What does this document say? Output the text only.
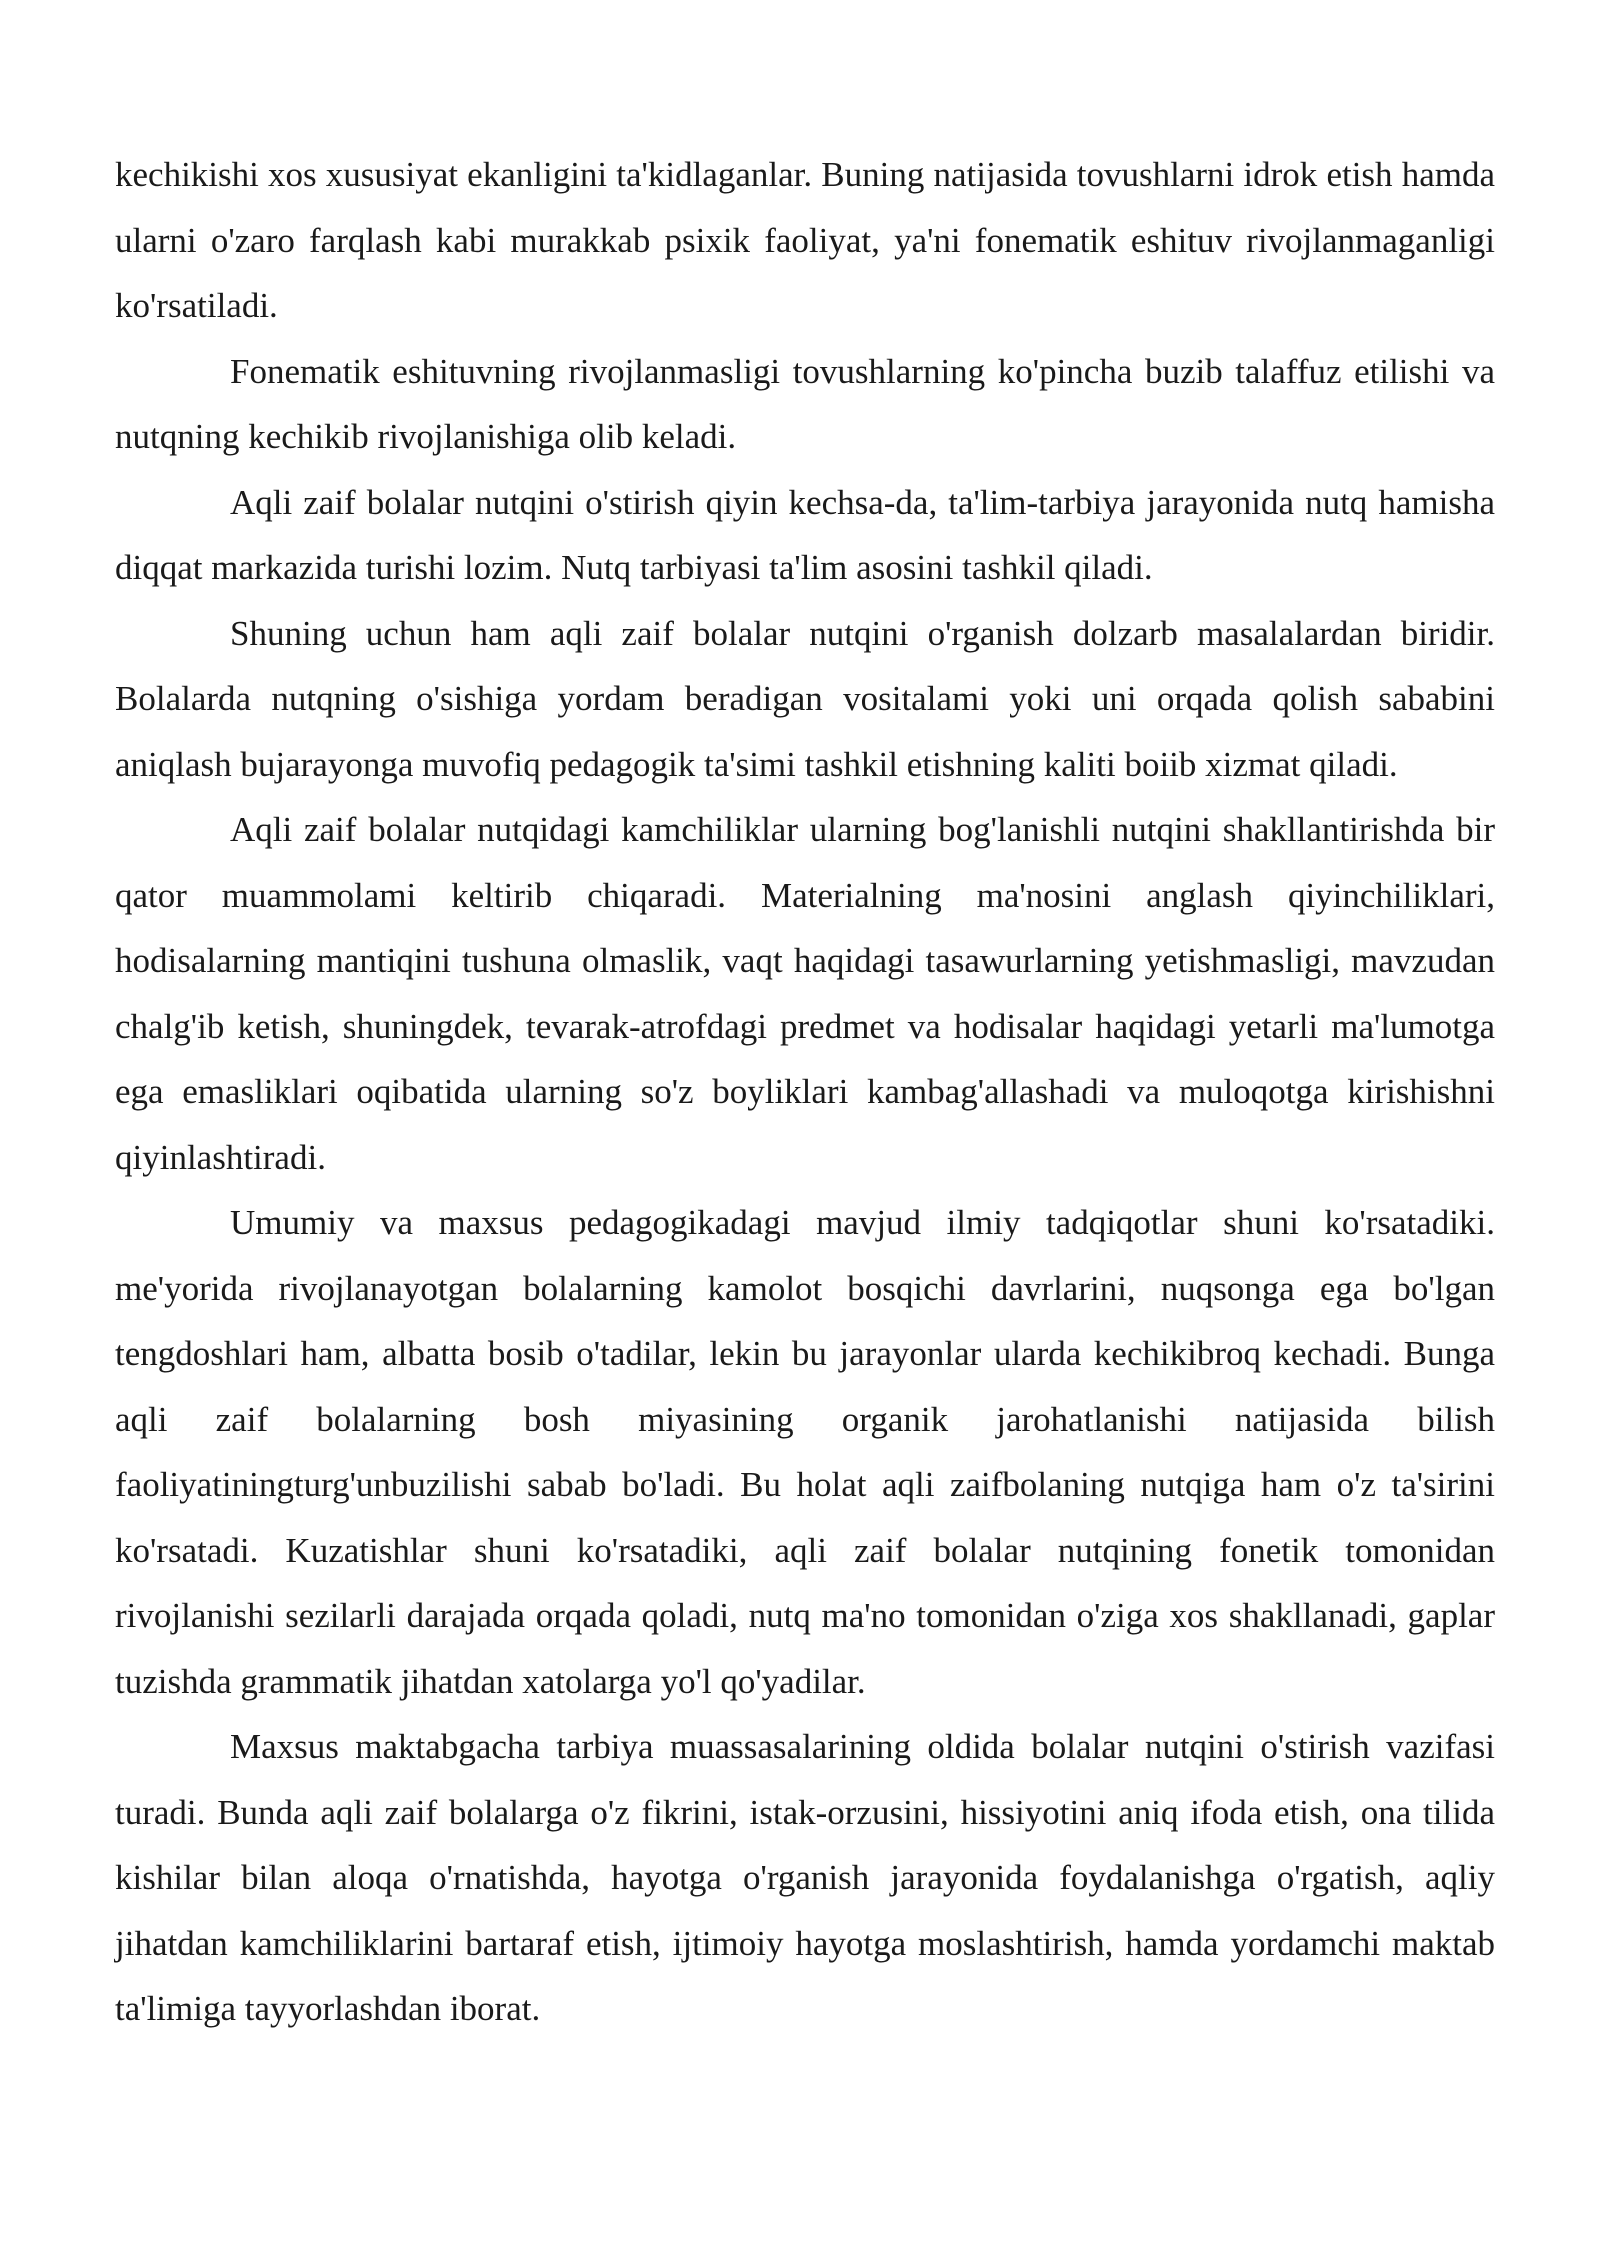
kechikishi xos xususiyat ekanligini ta'kidlaganlar. Buning natijasida tovushlarni idrok etish hamda ularni o'zaro farqlash kabi murakkab psixik faoliyat, ya'ni fonematik eshituv rivojlanmaganligi ko'rsatiladi.

Fonematik eshituvning rivojlanmasligi tovushlarning ko'pincha buzib talaffuz etilishi va nutqning kechikib rivojlanishiga olib keladi.

Aqli zaif bolalar nutqini o'stirish qiyin kechsa-da, ta'lim-tarbiya jarayonida nutq hamisha diqqat markazida turishi lozim. Nutq tarbiyasi ta'lim asosini tashkil qiladi.

Shuning uchun ham aqli zaif bolalar nutqini o'rganish dolzarb masalalardan biridir. Bolalarda nutqning o'sishiga yordam beradigan vositalami yoki uni orqada qolish sababini aniqlash bujarayonga muvofiq pedagogik ta'simi tashkil etishning kaliti boiib xizmat qiladi.

Aqli zaif bolalar nutqidagi kamchiliklar ularning bog'lanishli nutqini shakllantirishda bir qator muammolami keltirib chiqaradi. Materialning ma'nosini anglash qiyinchiliklari, hodisalarning mantiqini tushuna olmaslik, vaqt haqidagi tasawurlarning yetishmasligi, mavzudan chalg'ib ketish, shuningdek, tevarak-atrofdagi predmet va hodisalar haqidagi yetarli ma'lumotga ega emasliklari oqibatida ularning so'z boyliklari kambag'allashadi va muloqotga kirishishni qiyinlashtiradi.

Umumiy va maxsus pedagogikadagi mavjud ilmiy tadqiqotlar shuni ko'rsatadiki. me'yorida rivojlanayotgan bolalarning kamolot bosqichi davrlarini, nuqsonga ega bo'lgan tengdoshlari ham, albatta bosib o'tadilar, lekin bu jarayonlar ularda kechikibroq kechadi. Bunga aqli zaif bolalarning bosh miyasining organik jarohatlanishi natijasida bilish faoliyatiningturg'unbuzilishi sabab bo'ladi. Bu holat aqli zaifbolaning nutqiga ham o'z ta'sirini ko'rsatadi. Kuzatishlar shuni ko'rsatadiki, aqli zaif bolalar nutqining fonetik tomonidan rivojlanishi sezilarli darajada orqada qoladi, nutq ma'no tomonidan o'ziga xos shakllanadi, gaplar tuzishda grammatik jihatdan xatolarga yo'l qo'yadilar.

Maxsus maktabgacha tarbiya muassasalarining oldida bolalar nutqini o'stirish vazifasi turadi. Bunda aqli zaif bolalarga o'z fikrini, istak-orzusini, hissiyotini aniq ifoda etish, ona tilida kishilar bilan aloqa o'rnatishda, hayotga o'rganish jarayonida foydalanishga o'rgatish, aqliy jihatdan kamchiliklarini bartaraf etish, ijtimoiy hayotga moslashtirish, hamda yordamchi maktab ta'limiga tayyorlashdan iborat.
